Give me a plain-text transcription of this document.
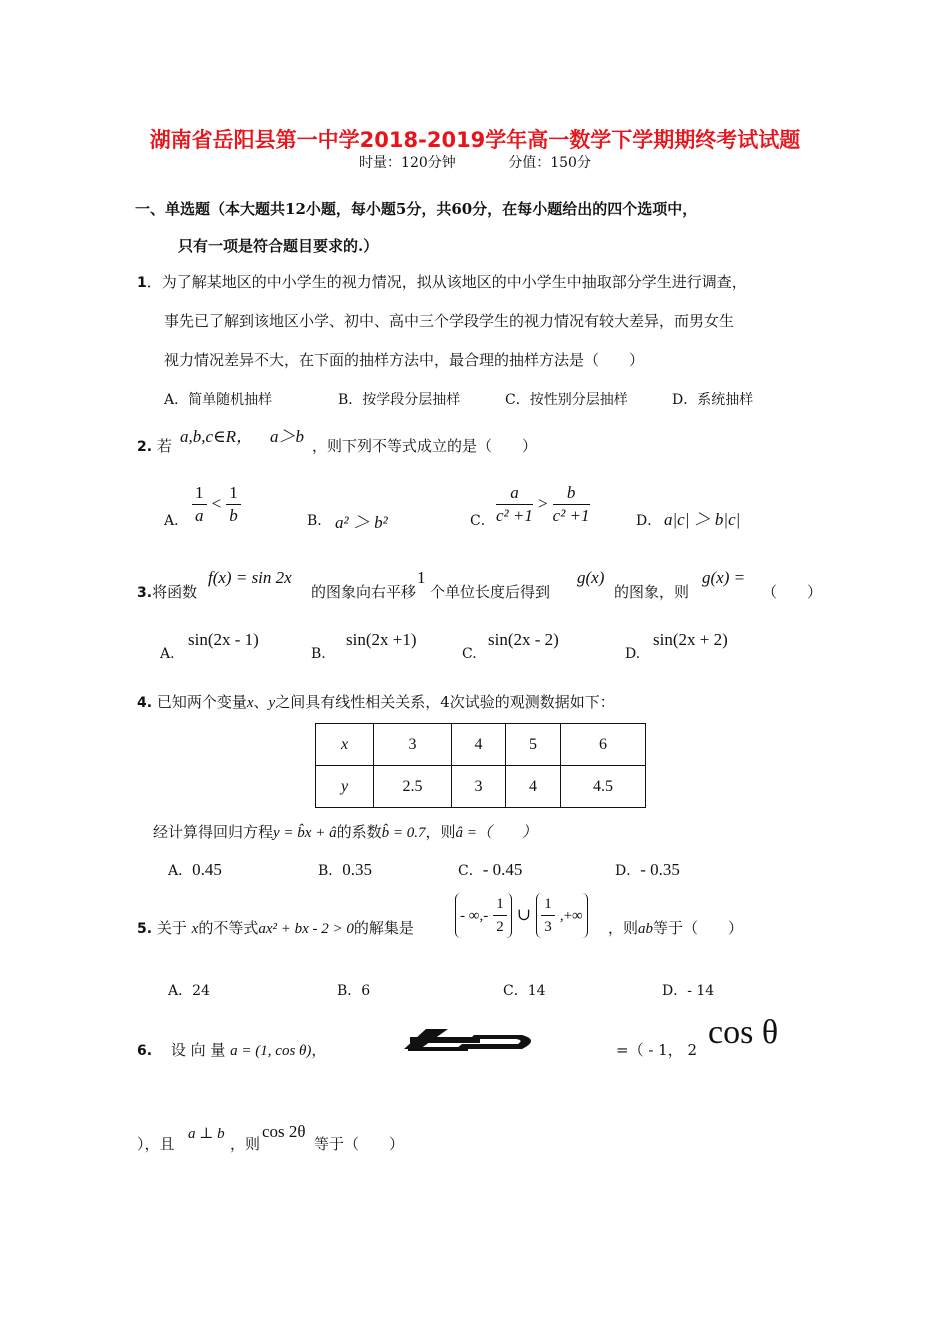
湖南省岳阳县第一中学2018-2019学年高一数学下学期期终考试试题
时量：120分钟	分值：150分
一、单选题（本大题共12小题，每小题5分，共60分，在每小题给出的四个选项中，
只有一项是符合题目要求的.）
1．为了解某地区的中小学生的视力情况，拟从该地区的中小学生中抽取部分学生进行调查，
事先已了解到该地区小学、初中、高中三个学段学生的视力情况有较大差异，而男女生
视力情况差异不大，在下面的抽样方法中，最合理的抽样方法是（　　）
A．简单随机抽样	B．按学段分层抽样	C．按性别分层抽样	D．系统抽样
2. 若 a,b,c∈R， a＞b ，则下列不等式成立的是（　　）
A． $\frac{1}{a} < \frac{1}{b}$	B． a² ＞ b²	C． $\frac{a}{\text{c² +1}} > \frac{b}{\text{c² +1}}$	D． a|c| ＞ b|c|
3.将函数
f(x) = sin 2x
的图象向右平移
1
个单位长度后得到
g(x)
的图象，则
g(x) =
（　　）
A.
sin(2x - 1)
B.
sin(2x +1)
C.
sin(2x - 2)
D.
sin(2x + 2)
4. 已知两个变量x、y之间具有线性相关关系，4次试验的观测数据如下：
x	3	4	5	6
y	2.5	3	4	4.5
经计算得回归方程y = b̂x + â的系数b̂ = 0.7，则â =（　　）
A．0.45	B．0.35	C．- 0.45	D．- 0.35
5. 关于 x的不等式ax² + bx - 2 > 0的解集是
- ∞,- $\frac{1}{2}$ ∪ $\frac{1}{3}$ ,+∞
，则ab等于（　　）
A．24	B．6	C．14	D．- 14
6. 设 向 量 a = (1, cos θ)，	=（ - 1， 2 cos θ
），且
a ⊥ b
，则
cos 2θ
等于（　　）
